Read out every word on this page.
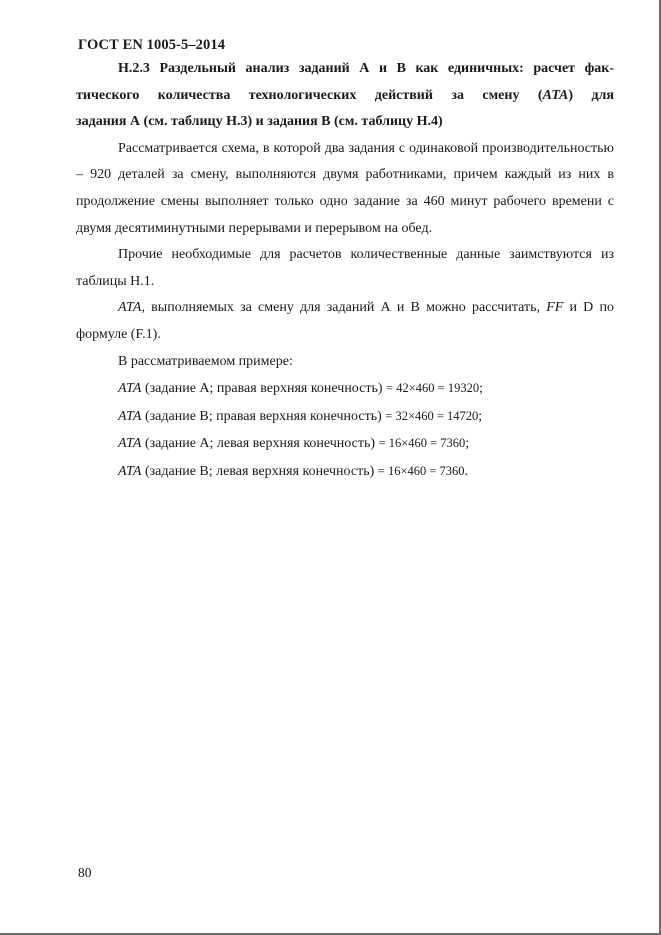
ГОСТ EN 1005-5–2014

Н.2.3 Раздельный анализ заданий А и В как единичных: расчет фак-
тического количества технологических действий за смену (АТА) для
задания А (см. таблицу Н.3) и задания В (см. таблицу Н.4)

Рассматривается схема, в которой два задания с одинаковой производительностью – 920 деталей за смену, выполняются двумя работниками, причем каждый из них в продолжение смены выполняет только одно задание за 460 минут рабочего времени с двумя десятиминутными перерывами и перерывом на обед.

Прочие необходимые для расчетов количественные данные заимствуются из таблицы Н.1.

АТА, выполняемых за смену для заданий А и В можно рассчитать, FF и D по формуле (F.1).

В рассматриваемом примере:

АТА (задание А; правая верхняя конечность) = 42×460 = 19320;

АТА (задание В; правая верхняя конечность) = 32×460 = 14720;

АТА (задание А; левая верхняя конечность) = 16×460 = 7360;

АТА (задание В; левая верхняя конечность) = 16×460 = 7360.

80
